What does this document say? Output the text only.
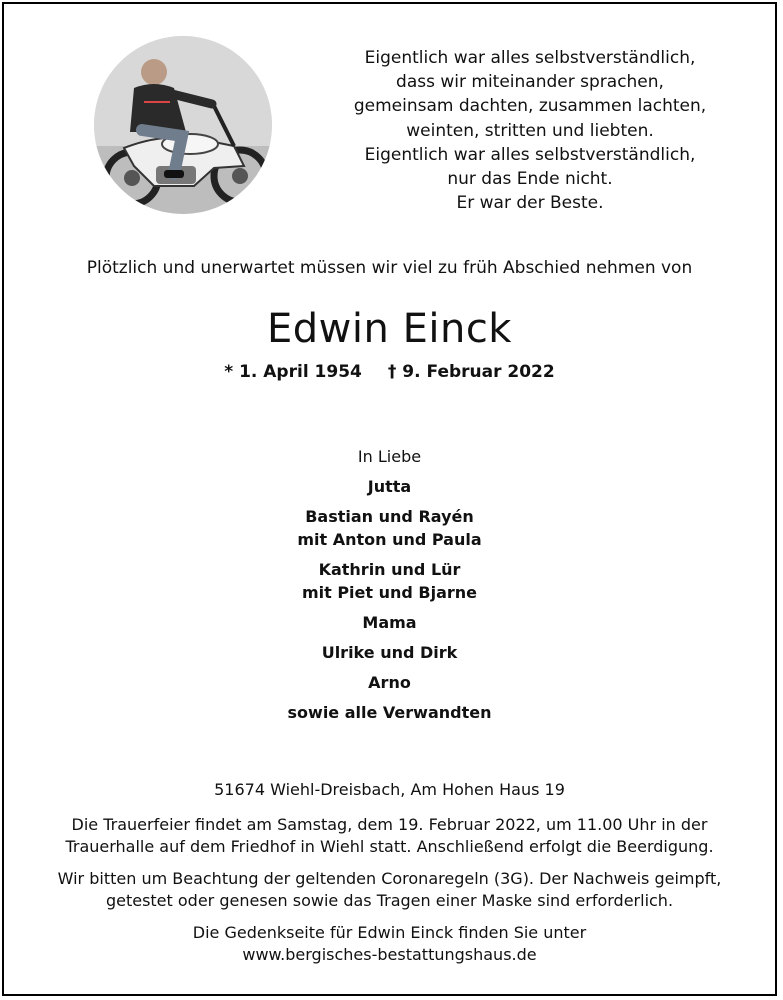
Eigentlich war alles selbstverständlich,
dass wir miteinander sprachen,
gemeinsam dachten, zusammen lachten,
weinten, stritten und liebten.
Eigentlich war alles selbstverständlich,
nur das Ende nicht.
Er war der Beste.
Plötzlich und unerwartet müssen wir viel zu früh Abschied nehmen von
Edwin Einck
* 1. April 1954 † 9. Februar 2022
In Liebe
Jutta
Bastian und Rayén
mit Anton und Paula
Kathrin und Lür
mit Piet und Bjarne
Mama
Ulrike und Dirk
Arno
sowie alle Verwandten

51674 Wiehl-Dreisbach, Am Hohen Haus 19

Die Trauerfeier findet am Samstag, dem 19. Februar 2022, um 11.00 Uhr in der
Trauerhalle auf dem Friedhof in Wiehl statt. Anschließend erfolgt die Beerdigung.

Wir bitten um Beachtung der geltenden Coronaregeln (3G). Der Nachweis geimpft,
getestet oder genesen sowie das Tragen einer Maske sind erforderlich.

Die Gedenkseite für Edwin Einck finden Sie unter
www.bergisches-bestattungshaus.de
